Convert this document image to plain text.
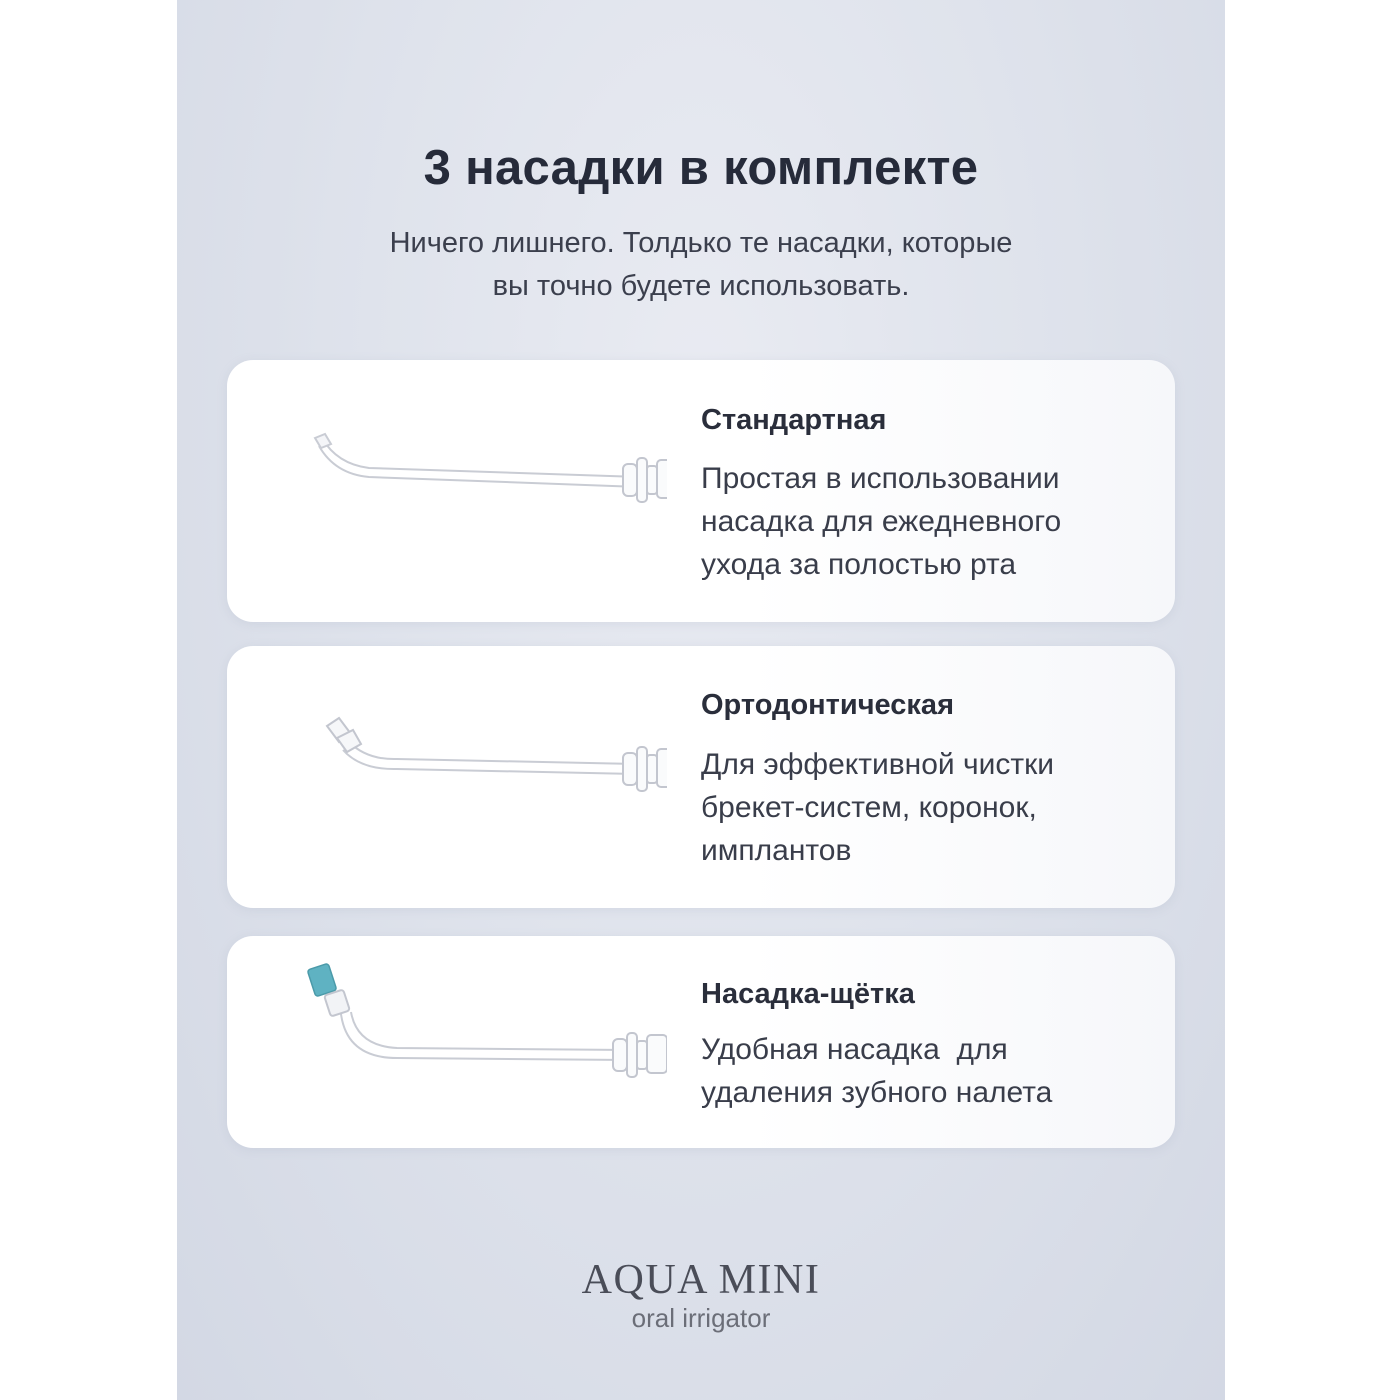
3 насадки в комплекте
Ничего лишнего. Толдько те насадки, которые
вы точно будете использовать.
Стандартная
Простая в использовании
насадка для ежедневного
ухода за полостью рта
Ортодонтическая
Для эффективной чистки
брекет-систем, коронок,
имплантов
Насадка-щётка
Удобная насадка  для
удаления зубного налета
AQUA MINI
oral irrigator
